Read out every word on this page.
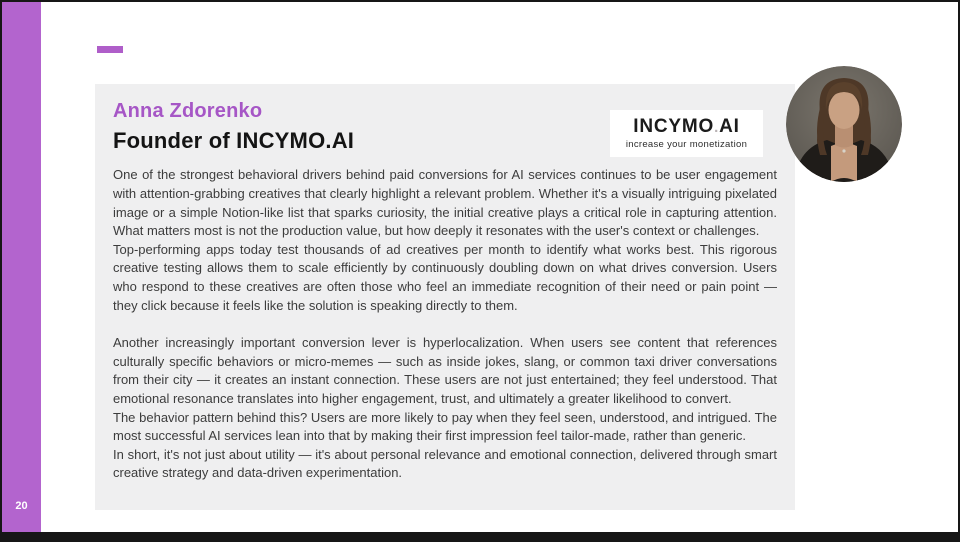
20
Anna Zdorenko
Founder of INCYMO.AI

One of the strongest behavioral drivers behind paid conversions for AI services continues to be user engagement with attention-grabbing creatives that clearly highlight a relevant problem. Whether it's a visually intriguing pixelated image or a simple Notion-like list that sparks curiosity, the initial creative plays a critical role in capturing attention. What matters most is not the production value, but how deeply it resonates with the user's context or challenges.

Top-performing apps today test thousands of ad creatives per month to identify what works best. This rigorous creative testing allows them to scale efficiently by continuously doubling down on what drives conversion. Users who respond to these creatives are often those who feel an immediate recognition of their need or pain point — they click because it feels like the solution is speaking directly to them.

Another increasingly important conversion lever is hyperlocalization. When users see content that references culturally specific behaviors or micro-memes — such as inside jokes, slang, or common taxi driver conversations from their city — it creates an instant connection. These users are not just entertained; they feel understood. That emotional resonance translates into higher engagement, trust, and ultimately a greater likelihood to convert.

The behavior pattern behind this? Users are more likely to pay when they feel seen, understood, and intrigued. The most successful AI services lean into that by making their first impression feel tailor-made, rather than generic.

In short, it's not just about utility — it's about personal relevance and emotional connection, delivered through smart creative strategy and data-driven experimentation.

INCYMO.AI
increase your monetization
